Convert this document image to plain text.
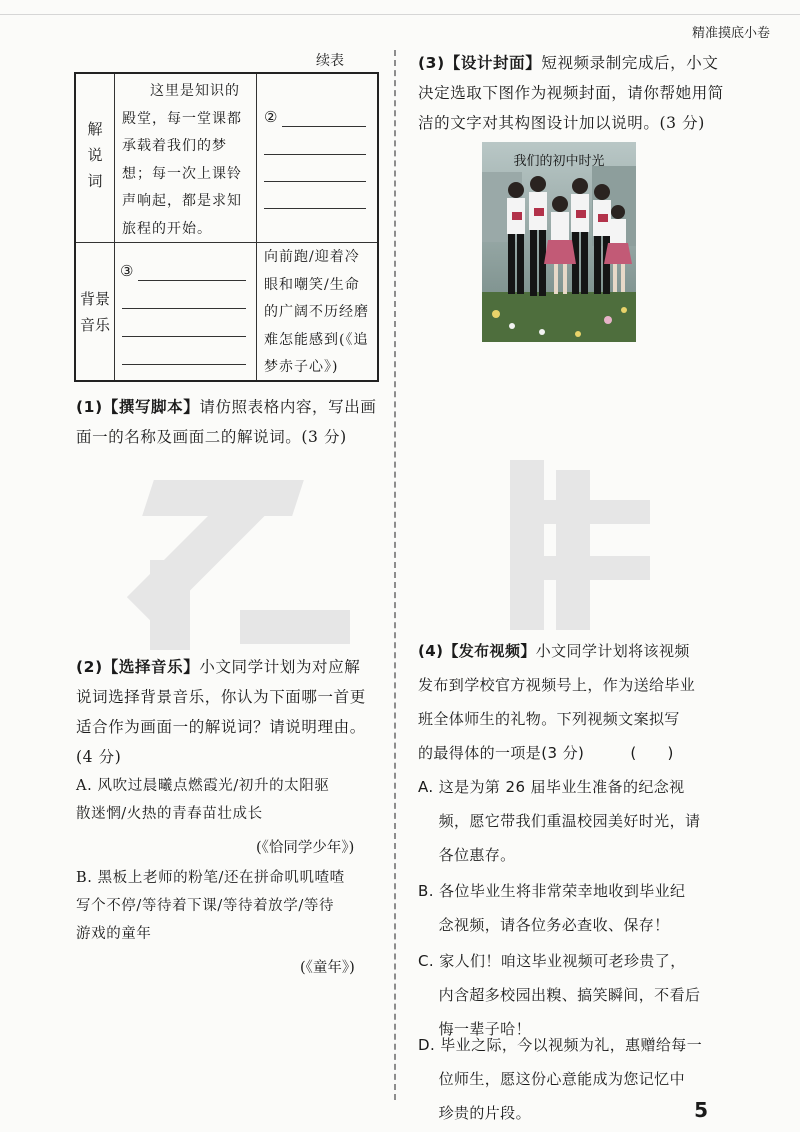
精准摸底小卷
续表
解
说
词
这里是知识的
殿堂，每一堂课都
承载着我们的梦
想；每一次上课铃
声响起，都是求知
旅程的开始。
②
背景
音乐
③
向前跑/迎着冷
眼和嘲笑/生命
的广阔不历经磨
难怎能感到(《追
梦赤子心》)
(1)【撰写脚本】请仿照表格内容，写出画
面一的名称及画面二的解说词。(3 分)
(2)【选择音乐】小文同学计划为对应解
说词选择背景音乐，你认为下面哪一首更
适合作为画面一的解说词？请说明理由。
(4 分)
A. 风吹过晨曦点燃霞光/初升的太阳驱
散迷惘/火热的青春苗壮成长
(《恰同学少年》)
B. 黑板上老师的粉笔/还在拼命叽叽喳喳
写个不停/等待着下课/等待着放学/等待
游戏的童年
(《童年》)
(3)【设计封面】短视频录制完成后，小文
决定选取下图作为视频封面，请你帮她用简
洁的文字对其构图设计加以说明。(3 分)
我们的初中时光
(4)【发布视频】小文同学计划将该视频
发布到学校官方视频号上，作为送给毕业
班全体师生的礼物。下列视频文案拟写
的最得体的一项是(3 分)　　　(　　)
A. 这是为第 26 届毕业生准备的纪念视
　 频，愿它带我们重温校园美好时光，请
　 各位惠存。
B. 各位毕业生将非常荣幸地收到毕业纪
　 念视频，请各位务必查收、保存！
C. 家人们！咱这毕业视频可老珍贵了，
　 内含超多校园出糗、搞笑瞬间，不看后
　 悔一辈子哈！
D. 毕业之际，今以视频为礼，惠赠给每一
　 位师生，愿这份心意能成为您记忆中
　 珍贵的片段。	5
